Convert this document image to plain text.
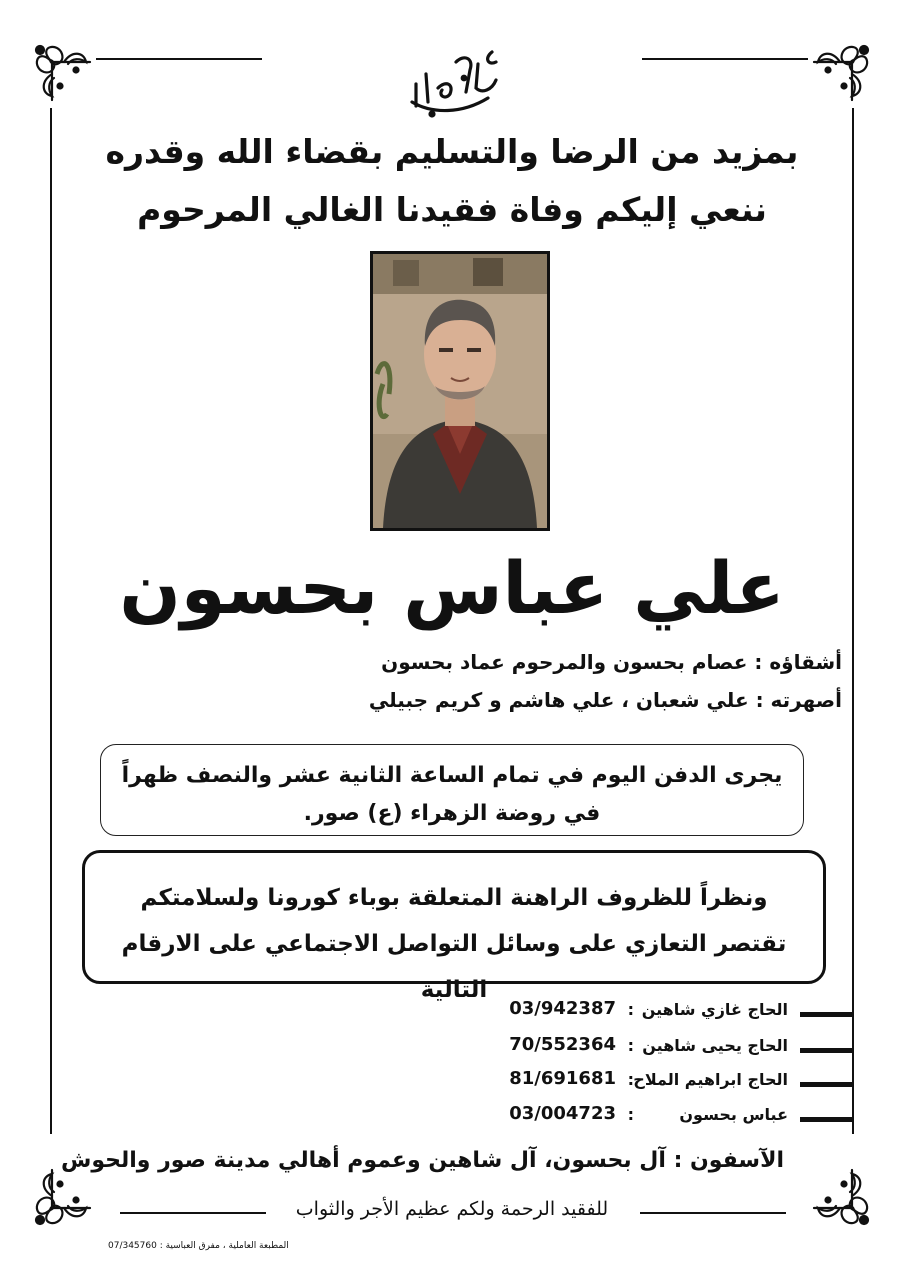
بمزيد من الرضا والتسليم بقضاء الله وقدره
ننعي إليكم وفاة فقيدنا الغالي المرحوم
علي عباس بحسون
أشقاؤه : عصام بحسون والمرحوم عماد بحسون
أصهرته : علي شعبان ، علي هاشم و كريم جبيلي
يجرى الدفن اليوم في تمام الساعة الثانية عشر والنصف ظهراً
في روضة الزهراء (ع) صور.
ونظراً للظروف الراهنة المتعلقة بوباء كورونا ولسلامتكم
تقتصر التعازي على وسائل التواصل الاجتماعي على الارقام التالية
الحاج غازي شاهين
:
03/942387
الحاج يحيى شاهين
:
70/552364
الحاج ابراهيم الملاح
:
81/691681
عباس بحسون
:
03/004723
الآسفون : آل بحسون، آل شاهين وعموم أهالي مدينة صور والحوش
للفقيد الرحمة ولكم عظيم الأجر والثواب
المطبعة العاملية ، مفرق العباسية : 07/345760
